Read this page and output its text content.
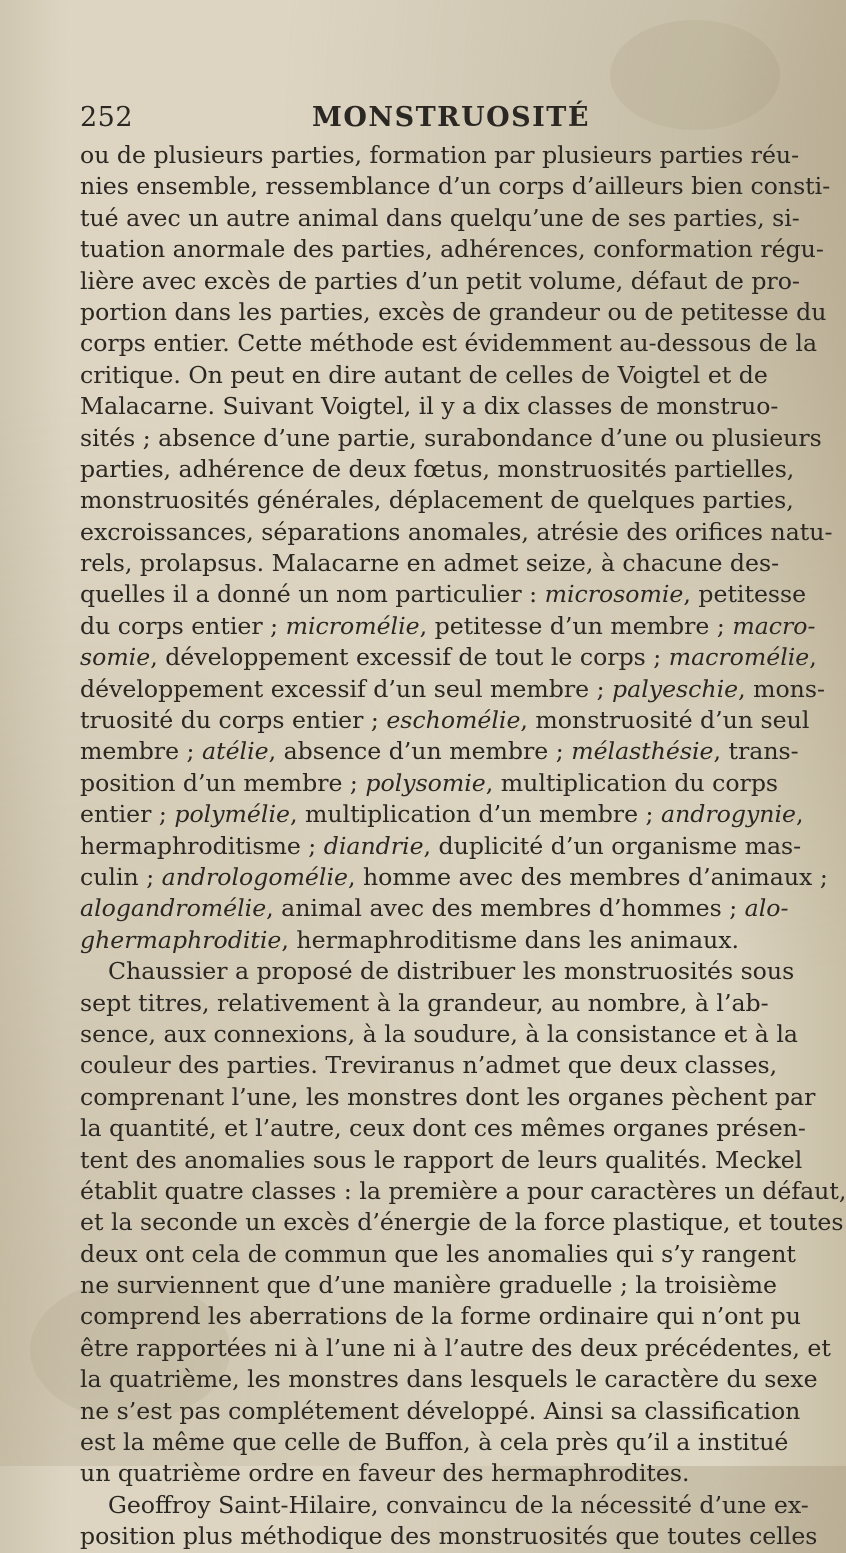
252	MONSTRUOSITÉ
ou de plusieurs parties, formation par plusieurs parties réu-
nies ensemble, ressemblance d’un corps d’ailleurs bien consti-
tué avec un autre animal dans quelqu’une de ses parties, si-
tuation anormale des parties, adhérences, conformation régu-
lière avec excès de parties d’un petit volume, défaut de pro-
portion dans les parties, excès de grandeur ou de petitesse du
corps entier. Cette méthode est évidemment au-dessous de la
critique. On peut en dire autant de celles de Voigtel et de
Malacarne. Suivant Voigtel, il y a dix classes de monstruo-
sités ; absence d’une partie, surabondance d’une ou plusieurs
parties, adhérence de deux fœtus, monstruosités partielles,
monstruosités générales, déplacement de quelques parties,
excroissances, séparations anomales, atrésie des orifices natu-
rels, prolapsus. Malacarne en admet seize, à chacune des-
quelles il a donné un nom particulier : microsomie, petitesse
du corps entier ; micromélie, petitesse d’un membre ; macro-
somie, développement excessif de tout le corps ; macromélie,
développement excessif d’un seul membre ; palyeschie, mons-
truosité du corps entier ; eschomélie, monstruosité d’un seul
membre ; atélie, absence d’un membre ; mélasthésie, trans-
position d’un membre ; polysomie, multiplication du corps
entier ; polymélie, multiplication d’un membre ; androgynie,
hermaphroditisme ; diandrie, duplicité d’un organisme mas-
culin ; andrologomélie, homme avec des membres d’animaux ;
alogandromélie, animal avec des membres d’hommes ; alo-
ghermaphroditie, hermaphroditisme dans les animaux.
Chaussier a proposé de distribuer les monstruosités sous
sept titres, relativement à la grandeur, au nombre, à l’ab-
sence, aux connexions, à la soudure, à la consistance et à la
couleur des parties. Treviranus n’admet que deux classes,
comprenant l’une, les monstres dont les organes pèchent par
la quantité, et l’autre, ceux dont ces mêmes organes présen-
tent des anomalies sous le rapport de leurs qualités. Meckel
établit quatre classes : la première a pour caractères un défaut,
et la seconde un excès d’énergie de la force plastique, et toutes
deux ont cela de commun que les anomalies qui s’y rangent
ne surviennent que d’une manière graduelle ; la troisième
comprend les aberrations de la forme ordinaire qui n’ont pu
être rapportées ni à l’une ni à l’autre des deux précédentes, et
la quatrième, les monstres dans lesquels le caractère du sexe
ne s’est pas complétement développé. Ainsi sa classification
est la même que celle de Buffon, à cela près qu’il a institué
un quatrième ordre en faveur des hermaphrodites.
Geoffroy Saint-Hilaire, convaincu de la nécessité d’une ex-
position plus méthodique des monstruosités que toutes celles
